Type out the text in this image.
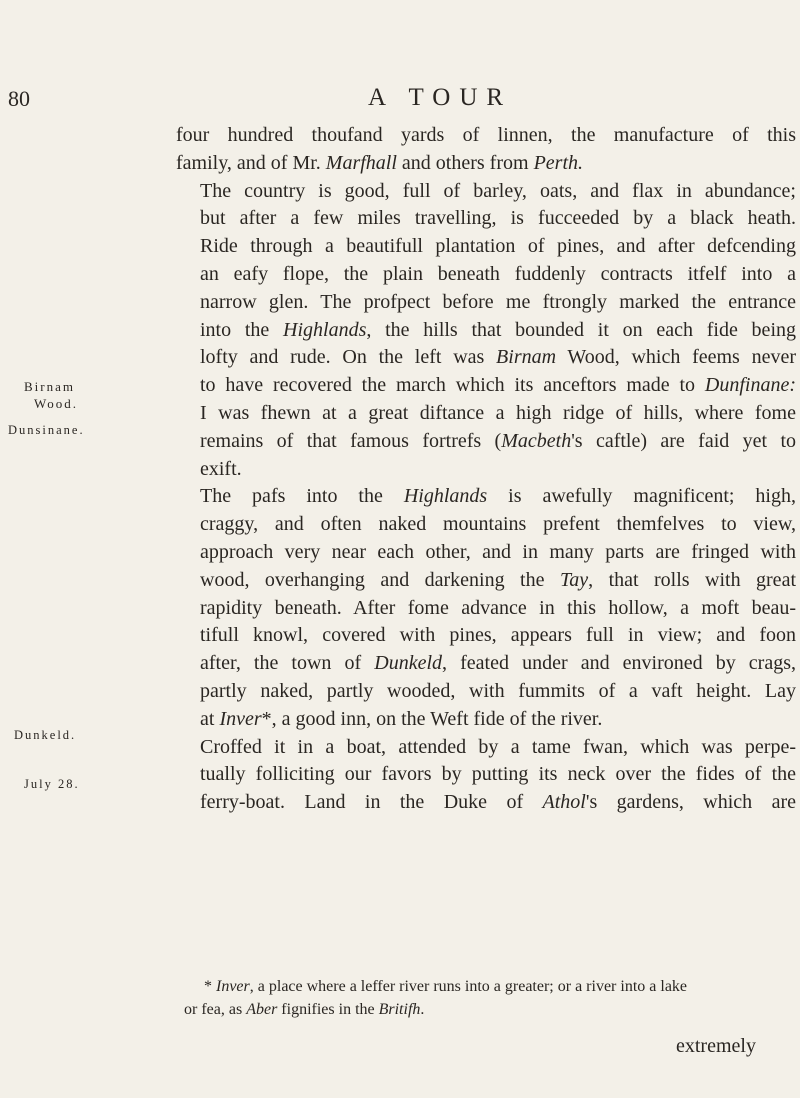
80	A TOUR
Birnam
Wood.
Dunsinane.
Dunkeld.
July 28.

four hundred thoufand yards of linnen, the manufacture of this
family, and of Mr. Marfhall and others from Perth.

The country is good, full of barley, oats, and flax in abundance;
but after a few miles travelling, is fucceeded by a black heath.
Ride through a beautifull plantation of pines, and after defcending
an eafy flope, the plain beneath fuddenly contracts itfelf into a
narrow glen. The profpect before me ftrongly marked the entrance
into the Highlands, the hills that bounded it on each fide being
lofty and rude. On the left was Birnam Wood, which feems never
to have recovered the march which its anceftors made to Dunfinane:
I was fhewn at a great diftance a high ridge of hills, where fome
remains of that famous fortrefs (Macbeth's caftle) are faid yet to
exift.

The pafs into the Highlands is awefully magnificent; high,
craggy, and often naked mountains prefent themfelves to view,
approach very near each other, and in many parts are fringed with
wood, overhanging and darkening the Tay, that rolls with great
rapidity beneath. After fome advance in this hollow, a moft beau-
tifull knowl, covered with pines, appears full in view; and foon
after, the town of Dunkeld, feated under and environed by crags,
partly naked, partly wooded, with fummits of a vaft height. Lay
at Inver*, a good inn, on the Weft fide of the river.

Croffed it in a boat, attended by a tame fwan, which was perpe-
tually folliciting our favors by putting its neck over the fides of the
ferry-boat. Land in the Duke of Athol's gardens, which are

* Inver, a place where a leffer river runs into a greater; or a river into a lake
or fea, as Aber fignifies in the Britifh.
extremely
